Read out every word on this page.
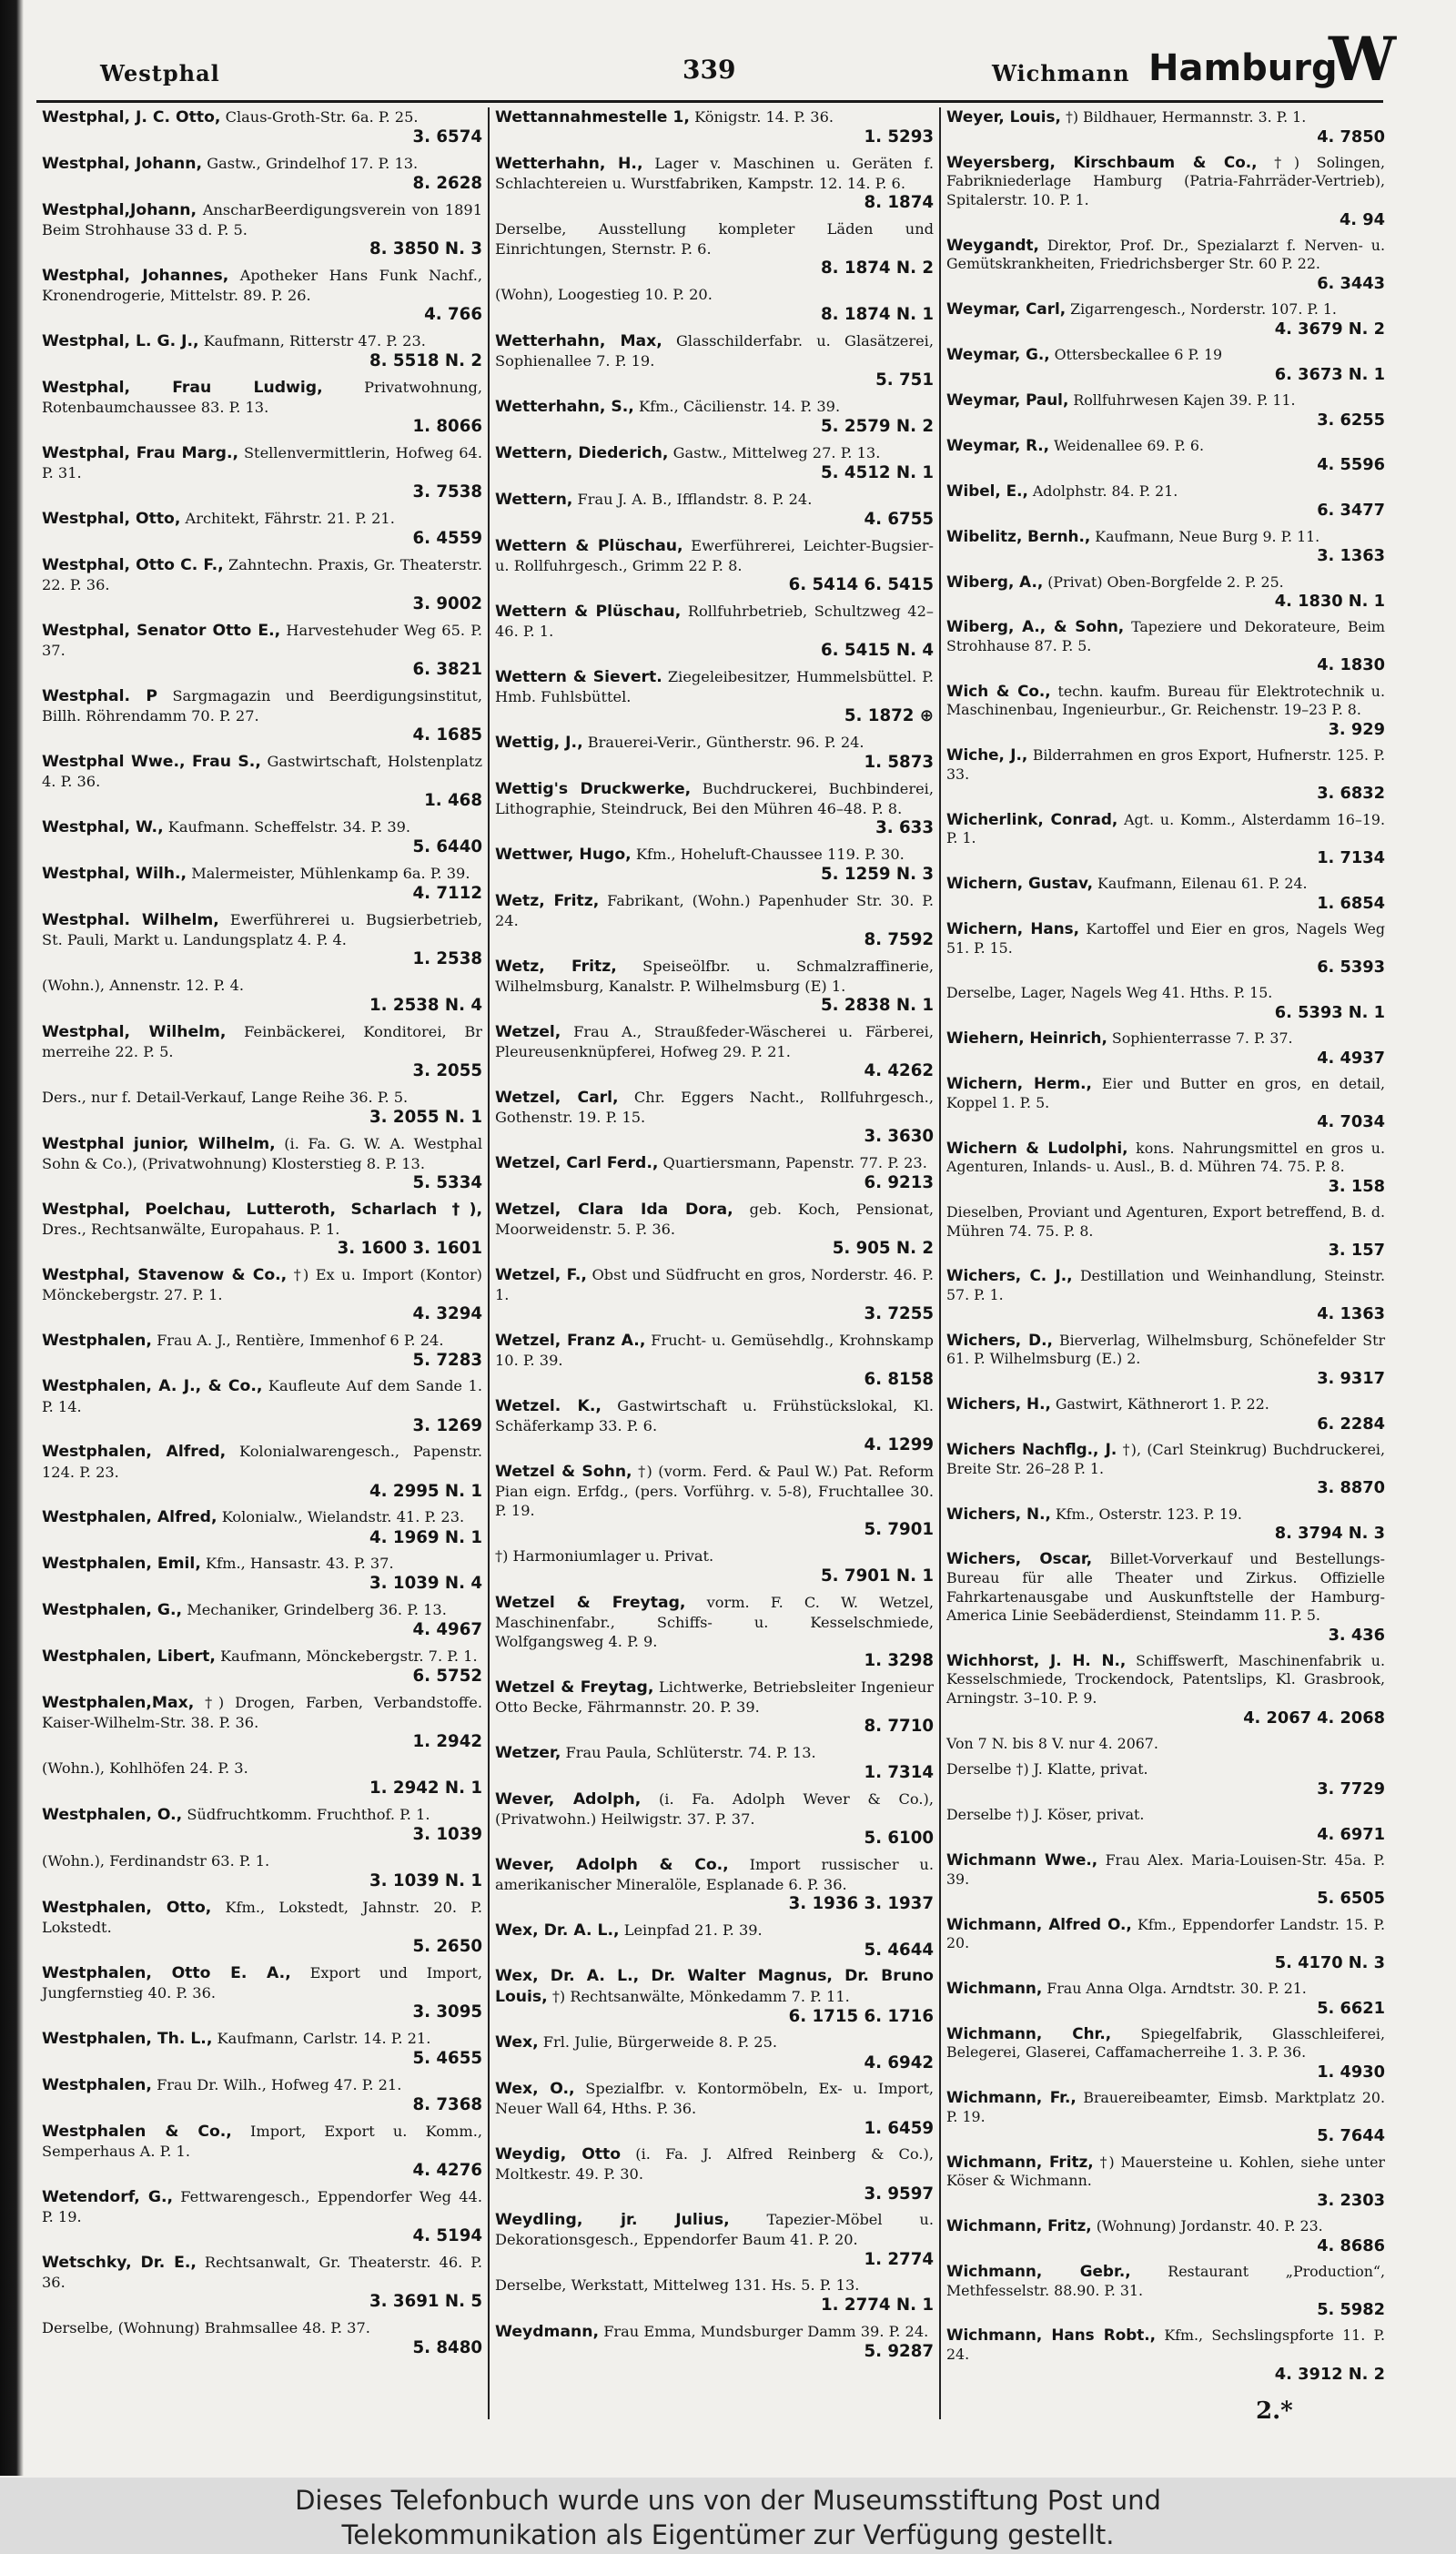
Westphal	339	Wichmann Hamburg
W
Westphal, J. C. Otto, Claus-Groth-Str. 6a. P. 25.
3. 6574
Westphal, Johann, Gastw., Grindelhof 17. P. 13.
8. 2628
Westphal,Johann, AnscharBeerdigungsverein von 1891 Beim Strohhause 33 d. P. 5.
8. 3850 N. 3
Westphal, Johannes, Apotheker Hans Funk Nachf., Kronendrogerie, Mittelstr. 89. P. 26.
4. 766
Westphal, L. G. J., Kaufmann, Ritterstr 47. P. 23.
8. 5518 N. 2
Westphal, Frau Ludwig,	Privatwohnung, Rotenbaumchaussee 83. P. 13.
1. 8066
Westphal, Frau Marg., Stellenvermittlerin, Hofweg 64. P. 31.
3. 7538
Westphal, Otto, Architekt, Fährstr. 21. P. 21.
6. 4559
Westphal, Otto C. F., Zahntechn. Praxis, Gr. Theaterstr. 22. P. 36.
3. 9002
Westphal, Senator Otto E., Harvestehuder Weg 65. P. 37.
6. 3821
Westphal. P Sargmagazin und Beerdigungsinstitut, Billh. Röhrendamm 70. P. 27.
4. 1685
Westphal Wwe., Frau S., Gastwirtschaft, Holstenplatz 4. P. 36.
1. 468
Westphal, W., Kaufmann. Scheffelstr. 34. P. 39.
5. 6440
Westphal, Wilh., Malermeister, Mühlenkamp 6a. P. 39.
4. 7112
Westphal. Wilhelm, Ewerführerei u. Bugsierbetrieb, St. Pauli, Markt u. Landungsplatz 4. P. 4.
1. 2538
(Wohn.), Annenstr. 12. P. 4.
1. 2538 N. 4
Westphal, Wilhelm, Feinbäckerei, Konditorei, Br merreihe 22. P. 5.
3. 2055
Ders., nur f. Detail-Verkauf, Lange Reihe 36. P. 5.
3. 2055 N. 1
Westphal junior, Wilhelm, (i. Fa. G. W. A. Westphal Sohn & Co.), (Privatwohnung) Klosterstieg 8. P. 13.
5. 5334
Westphal, Poelchau, Lutteroth, Scharlach †), Dres., Rechtsanwälte, Europahaus. P. 1.
3. 1600 3. 1601
Westphal, Stavenow & Co., †) Ex u. Import (Kontor) Mönckebergstr. 27. P. 1.
4. 3294
Westphalen, Frau A. J., Rentière, Immenhof 6 P. 24.
5. 7283
Westphalen, A. J., & Co., Kaufleute Auf dem Sande 1. P. 14.
3. 1269
Westphalen, Alfred, Kolonialwarengesch., Papenstr. 124. P. 23.
4. 2995 N. 1
Westphalen, Alfred, Kolonialw., Wielandstr. 41. P. 23.
4. 1969 N. 1
Westphalen, Emil, Kfm., Hansastr. 43. P. 37.
3. 1039 N. 4
Westphalen, G., Mechaniker, Grindelberg 36. P. 13.
4. 4967
Westphalen, Libert, Kaufmann, Mönckebergstr. 7. P. 1.
6. 5752
Westphalen,Max, †) Drogen, Farben, Verbandstoffe. Kaiser-Wilhelm-Str. 38. P. 36.
1. 2942
(Wohn.), Kohlhöfen 24. P. 3.
1. 2942 N. 1
Westphalen, O., Südfruchtkomm. Fruchthof. P. 1.
3. 1039
(Wohn.), Ferdinandstr 63. P. 1.
3. 1039 N. 1
Westphalen, Otto, Kfm., Lokstedt, Jahnstr. 20. P. Lokstedt.
5. 2650
Westphalen, Otto E. A., Export und Import, Jungfernstieg 40. P. 36.
3. 3095
Westphalen, Th. L., Kaufmann, Carlstr. 14. P. 21.
5. 4655
Westphalen, Frau Dr. Wilh., Hofweg 47. P. 21.
8. 7368
Westphalen & Co., Import, Export u. Komm., Semperhaus A. P. 1.
4. 4276
Wetendorf, G., Fettwarengesch., Eppendorfer Weg 44. P. 19.
4. 5194
Wetschky, Dr. E., Rechtsanwalt, Gr. Theaterstr. 46. P. 36.
3. 3691 N. 5
Derselbe, (Wohnung) Brahmsallee 48. P. 37.
5. 8480
Wettannahmestelle 1, Königstr. 14. P. 36.
1. 5293
Wetterhahn, H., Lager v. Maschinen u. Geräten f. Schlachtereien u. Wurstfabriken, Kampstr. 12. 14. P. 6.
8. 1874
Derselbe, Ausstellung kompleter Läden und Einrichtungen, Sternstr. P. 6.
8. 1874 N. 2
(Wohn), Loogestieg 10. P. 20.
8. 1874 N. 1
Wetterhahn, Max, Glasschilderfabr. u. Glasätzerei, Sophienallee 7. P. 19.
5. 751
Wetterhahn, S., Kfm., Cäcilienstr. 14. P. 39.
5. 2579 N. 2
Wettern, Diederich, Gastw., Mittelweg 27. P. 13.
5. 4512 N. 1
Wettern, Frau J. A. B., Ifflandstr. 8. P. 24.
4. 6755
Wettern & Plüschau, Ewerführerei, Leichter-Bugsier- u. Rollfuhrgesch., Grimm 22 P. 8.
6. 5414 6. 5415
Wettern & Plüschau, Rollfuhrbetrieb, Schultzweg 42–46. P. 1.
6. 5415 N. 4
Wettern & Sievert. Ziegeleibesitzer, Hummelsbüttel. P. Hmb. Fuhlsbüttel.
5. 1872 ⊕
Wettig, J., Brauerei-Verir., Güntherstr. 96. P. 24.
1. 5873
Wettig's Druckwerke, Buchdruckerei, Buchbinderei, Lithographie, Steindruck, Bei den Mühren 46–48. P. 8.
3. 633
Wettwer, Hugo, Kfm., Hoheluft-Chaussee 119. P. 30.
5. 1259 N. 3
Wetz, Fritz, Fabrikant, (Wohn.) Papenhuder Str. 30. P. 24.
8. 7592
Wetz, Fritz, Speiseölfbr. u. Schmalzraffinerie, Wilhelmsburg, Kanalstr. P. Wilhelmsburg (E) 1.
5. 2838 N. 1
Wetzel, Frau A., Straußfeder-Wäscherei u. Färberei, Pleureusenknüpferei, Hofweg 29. P. 21.
4. 4262
Wetzel, Carl, Chr. Eggers Nacht., Rollfuhrgesch., Gothenstr. 19. P. 15.
3. 3630
Wetzel, Carl Ferd., Quartiersmann, Papenstr. 77. P. 23.
6. 9213
Wetzel, Clara Ida Dora, geb. Koch, Pensionat, Moorweidenstr. 5. P. 36.
5. 905 N. 2
Wetzel, F., Obst und Südfrucht en gros, Norderstr. 46. P. 1.
3. 7255
Wetzel, Franz A., Frucht- u. Gemüsehdlg., Krohnskamp 10. P. 39.
6. 8158
Wetzel. K., Gastwirtschaft u. Frühstückslokal, Kl. Schäferkamp 33. P. 6.
4. 1299
Wetzel & Sohn, †) (vorm. Ferd. & Paul W.) Pat. Reform Pian eign. Erfdg., (pers. Vorführg. v. 5-8), Fruchtallee 30. P. 19.
5. 7901
†) Harmoniumlager u. Privat.
5. 7901 N. 1
Wetzel & Freytag, vorm. F. C. W. Wetzel, Maschinenfabr., Schiffs- u. Kesselschmiede, Wolfgangsweg 4. P. 9.
1. 3298
Wetzel & Freytag, Lichtwerke, Betriebsleiter Ingenieur Otto Becke, Fährmannstr. 20. P. 39.
8. 7710
Wetzer, Frau Paula, Schlüterstr. 74. P. 13.
1. 7314
Wever, Adolph, (i. Fa. Adolph Wever & Co.), (Privatwohn.) Heilwigstr. 37. P. 37.
5. 6100
Wever, Adolph & Co., Import russischer u. amerikanischer Mineralöle, Esplanade 6. P. 36.
3. 1936 3. 1937
Wex, Dr. A. L., Leinpfad 21. P. 39.
5. 4644
Wex, Dr. A. L., Dr. Walter Magnus, Dr. Bruno Louis, †) Rechtsanwälte, Mönkedamm 7. P. 11.
6. 1715 6. 1716
Wex, Frl. Julie, Bürgerweide 8. P. 25.
4. 6942
Wex, O., Spezialfbr. v. Kontormöbeln, Ex- u. Import, Neuer Wall 64, Hths. P. 36.
1. 6459
Weydig, Otto (i. Fa. J. Alfred Reinberg & Co.), Moltkestr. 49. P. 30.
3. 9597
Weydling, jr. Julius,	Tapezier-Möbel u. Dekorationsgesch., Eppendorfer Baum 41. P. 20.
1. 2774
Derselbe, Werkstatt, Mittelweg 131. Hs. 5. P. 13.
1. 2774 N. 1
Weydmann, Frau Emma, Mundsburger Damm 39. P. 24.
5. 9287
Weyer, Louis, †) Bildhauer, Hermannstr. 3. P. 1.
4. 7850
Weyersberg, Kirschbaum & Co., †) Solingen, Fabrikniederlage Hamburg (Patria-Fahrräder-Vertrieb), Spitalerstr. 10. P. 1.
4. 94
Weygandt, Direktor, Prof. Dr., Spezialarzt f. Nerven- u. Gemütskrankheiten, Friedrichsberger Str. 60 P. 22.
6. 3443
Weymar, Carl, Zigarrengesch., Norderstr. 107. P. 1.
4. 3679 N. 2
Weymar, G., Ottersbeckallee 6 P. 19
6. 3673 N. 1
Weymar, Paul, Rollfuhrwesen Kajen 39. P. 11.
3. 6255
Weymar, R., Weidenallee 69. P. 6.
4. 5596
Wibel, E., Adolphstr. 84. P. 21.
6. 3477
Wibelitz, Bernh., Kaufmann, Neue Burg 9. P. 11.
3. 1363
Wiberg, A., (Privat) Oben-Borgfelde 2. P. 25.
4. 1830 N. 1
Wiberg, A., & Sohn, Tapeziere und Dekorateure, Beim Strohhause 87. P. 5.
4. 1830
Wich & Co., techn. kaufm. Bureau für Elektrotechnik u. Maschinenbau, Ingenieurbur., Gr. Reichenstr. 19–23 P. 8.
3. 929
Wiche, J., Bilderrahmen en gros Export, Hufnerstr. 125. P. 33.
3. 6832
Wicherlink, Conrad, Agt. u. Komm., Alsterdamm 16–19. P. 1.
1. 7134
Wichern, Gustav, Kaufmann, Eilenau 61. P. 24.
1. 6854
Wichern, Hans, Kartoffel und Eier en gros, Nagels Weg 51. P. 15.
6. 5393
Derselbe, Lager, Nagels Weg 41. Hths. P. 15.
6. 5393 N. 1
Wiehern, Heinrich, Sophienterrasse 7. P. 37.
4. 4937
Wichern, Herm., Eier und Butter en gros, en detail, Koppel 1. P. 5.
4. 7034
Wichern & Ludolphi, kons. Nahrungsmittel en gros u. Agenturen, Inlands- u. Ausl., B. d. Mühren 74. 75. P. 8.
3. 158
Dieselben, Proviant und Agenturen, Export betreffend, B. d. Mühren 74. 75. P. 8.
3. 157
Wichers, C. J., Destillation und Weinhandlung, Steinstr. 57. P. 1.
4. 1363
Wichers, D., Bierverlag, Wilhelmsburg, Schönefelder Str 61. P. Wilhelmsburg (E.) 2.
3. 9317
Wichers, H., Gastwirt, Käthnerort 1. P. 22.
6. 2284
Wichers Nachflg., J. †), (Carl Steinkrug) Buchdruckerei, Breite Str. 26–28 P. 1.
3. 8870
Wichers, N., Kfm., Osterstr. 123. P. 19.
8. 3794 N. 3
Wichers, Oscar, Billet-Vorverkauf und Bestellungs-Bureau für alle Theater und Zirkus. Offizielle Fahrkartenausgabe und Auskunftstelle der Hamburg-America Linie Seebäderdienst, Steindamm 11. P. 5.
3. 436
Wichhorst, J. H. N., Schiffswerft, Maschinenfabrik u. Kesselschmiede, Trockendock, Patentslips, Kl. Grasbrook, Arningstr. 3–10. P. 9.
4. 2067 4. 2068
Von 7 N. bis 8 V. nur 4. 2067.
Derselbe †) J. Klatte, privat.
3. 7729
Derselbe †) J. Köser, privat.
4. 6971
Wichmann Wwe., Frau Alex. Maria-Louisen-Str. 45a. P. 39.
5. 6505
Wichmann, Alfred O., Kfm., Eppendorfer Landstr. 15. P. 20.
5. 4170 N. 3
Wichmann, Frau Anna Olga. Arndtstr. 30. P. 21.
5. 6621
Wichmann, Chr., Spiegelfabrik, Glasschleiferei, Belegerei, Glaserei, Caffamacherreihe 1. 3. P. 36.
1. 4930
Wichmann, Fr., Brauereibeamter, Eimsb. Marktplatz 20. P. 19.
5. 7644
Wichmann, Fritz, †) Mauersteine u. Kohlen, siehe unter Köser & Wichmann.
3. 2303
Wichmann, Fritz, (Wohnung) Jordanstr. 40. P. 23.
4. 8686
Wichmann, Gebr.,	Restaurant „Production“, Methfesselstr. 88.90. P. 31.
5. 5982
Wichmann, Hans Robt., Kfm., Sechslingspforte 11. P. 24.
4. 3912 N. 2
2.*
Dieses Telefonbuch wurde uns von der Museumsstiftung Post und
Telekommunikation als Eigentümer zur Verfügung gestellt.
